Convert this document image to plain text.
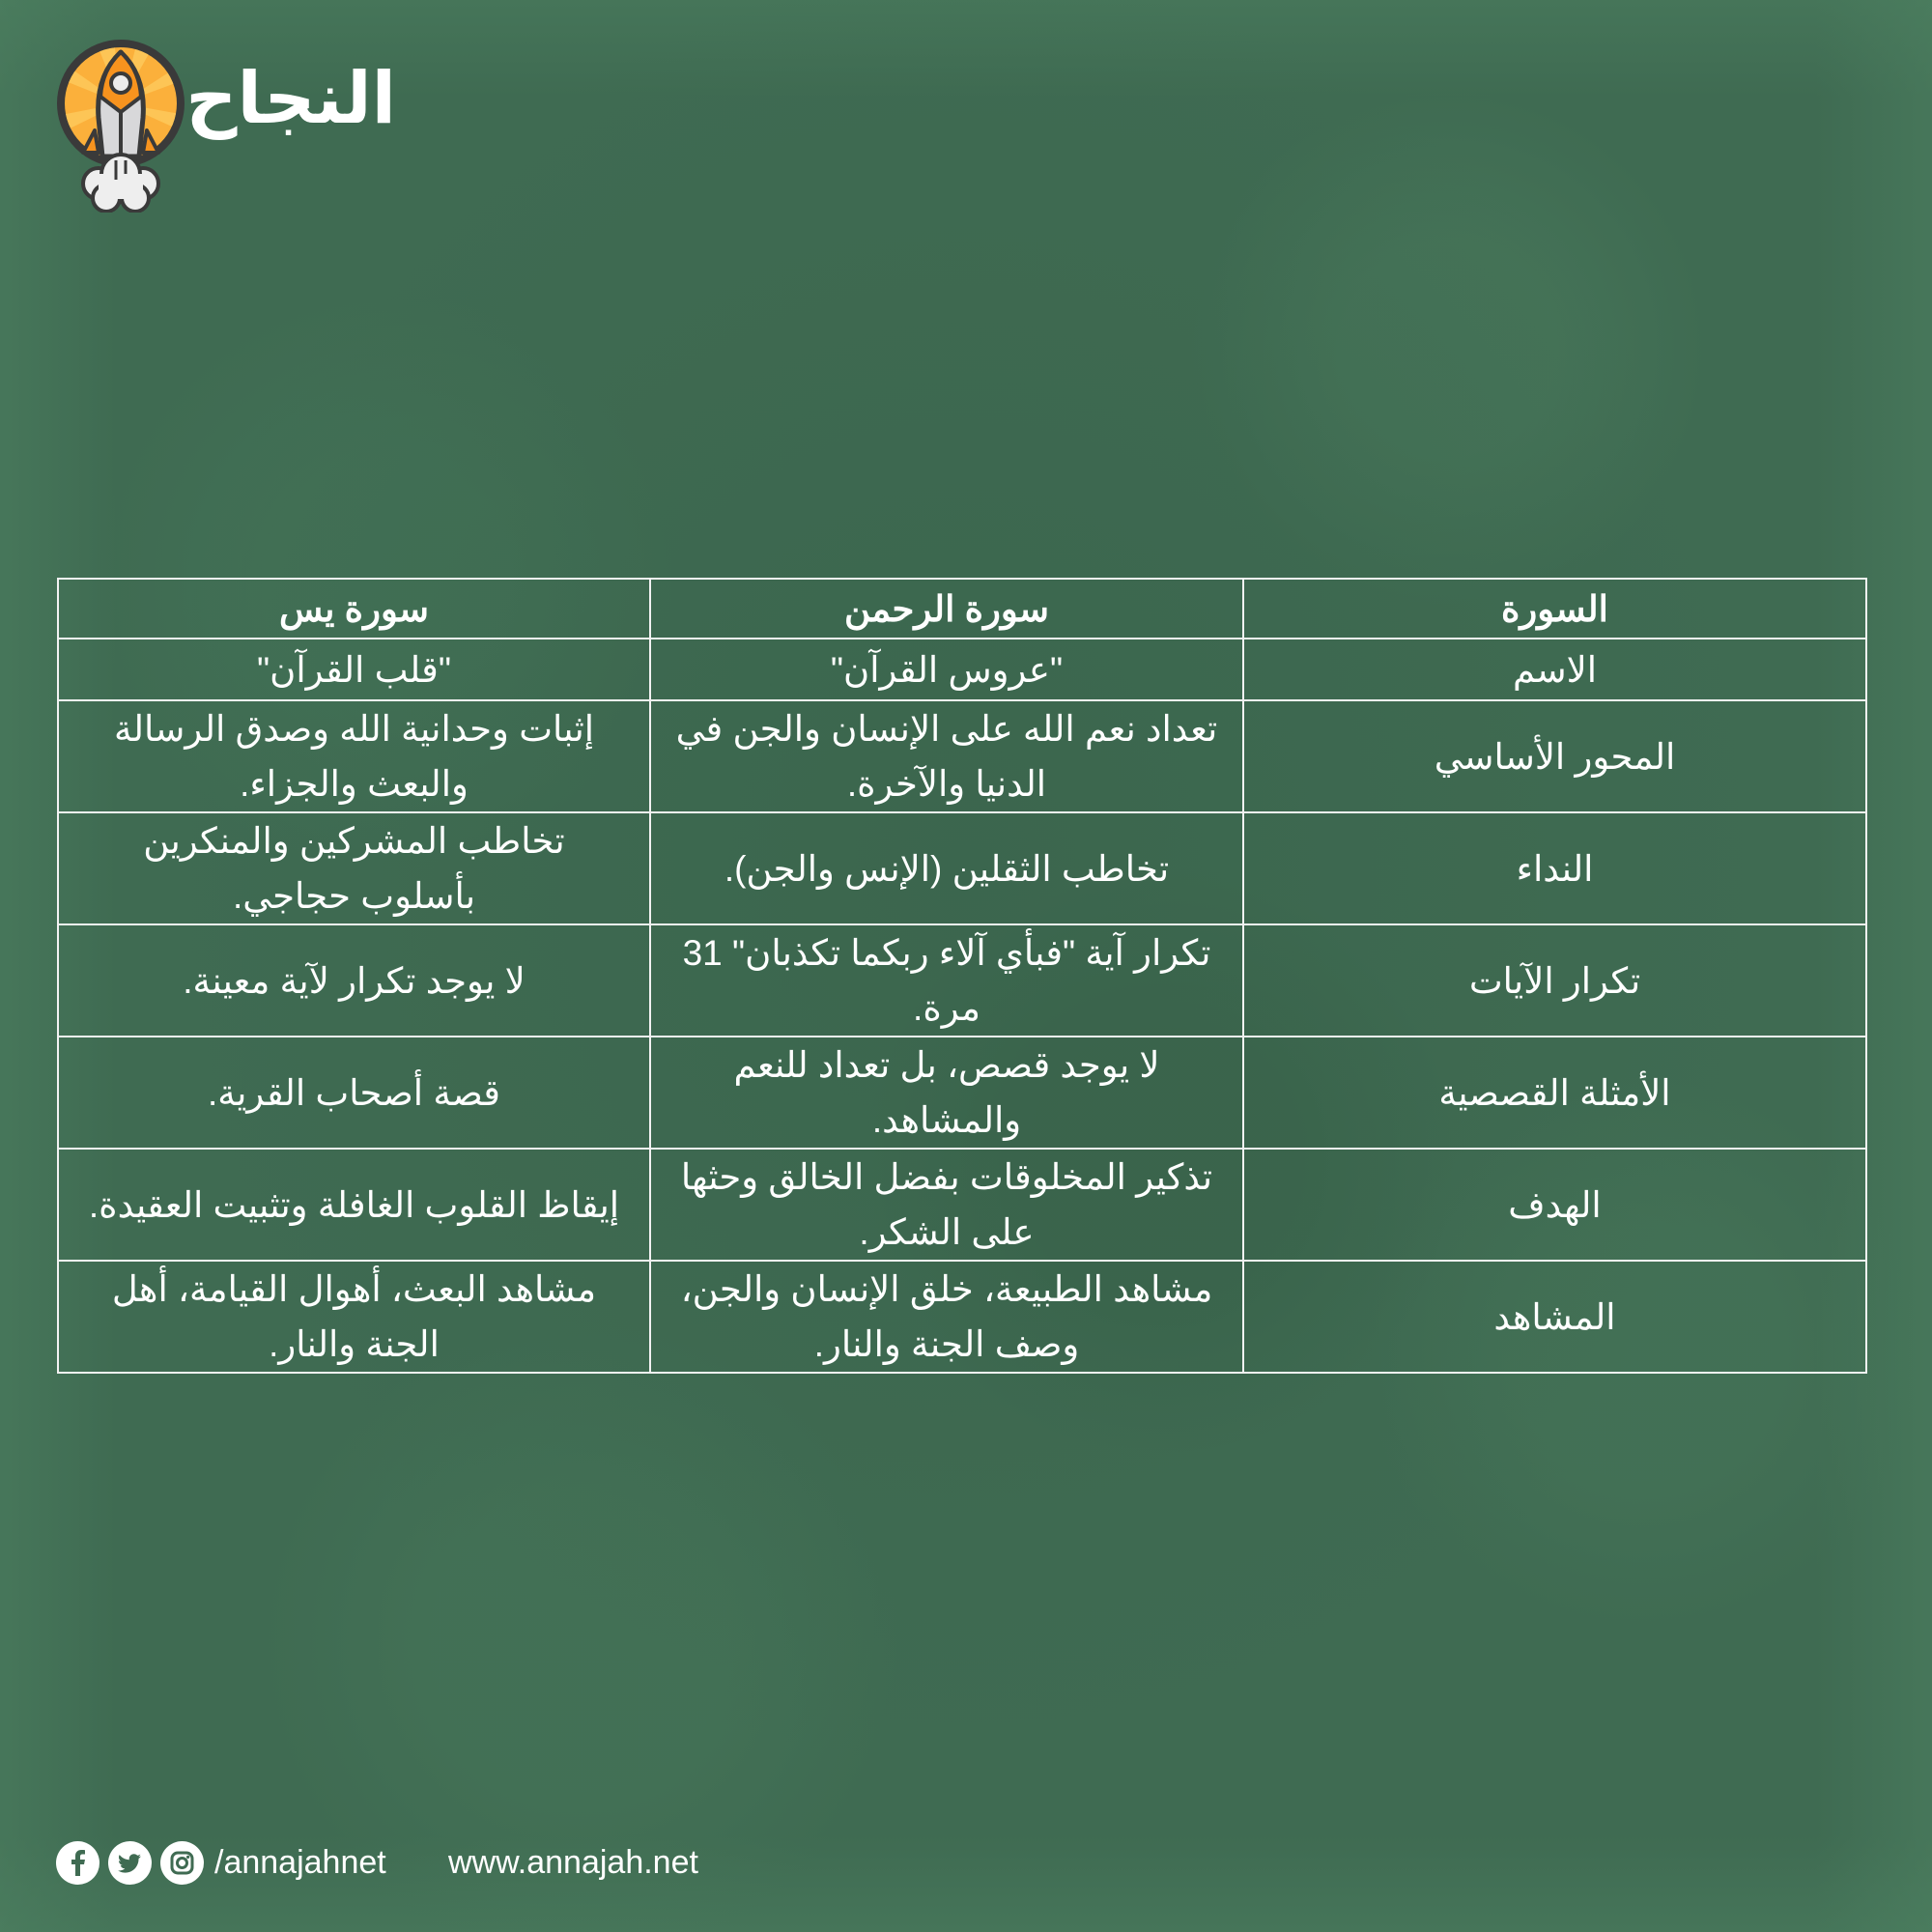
النجاح
السورة	سورة الرحمن	سورة يس
الاسم	"عروس القرآن"	"قلب القرآن"
المحور الأساسي	تعداد نعم الله على الإنسان والجن في الدنيا والآخرة.	إثبات وحدانية الله وصدق الرسالة والبعث والجزاء.
النداء	تخاطب الثقلين (الإنس والجن).	تخاطب المشركين والمنكرين بأسلوب حجاجي.
تكرار الآيات	تكرار آية "فبأي آلاء ربكما تكذبان" 31 مرة.	لا يوجد تكرار لآية معينة.
الأمثلة القصصية	لا يوجد قصص، بل تعداد للنعم والمشاهد.	قصة أصحاب القرية.
الهدف	تذكير المخلوقات بفضل الخالق وحثها على الشكر.	إيقاظ القلوب الغافلة وتثبيت العقيدة.
المشاهد	مشاهد الطبيعة، خلق الإنسان والجن، وصف الجنة والنار.	مشاهد البعث، أهوال القيامة، أهل الجنة والنار.
/annajahnet www.annajah.net
